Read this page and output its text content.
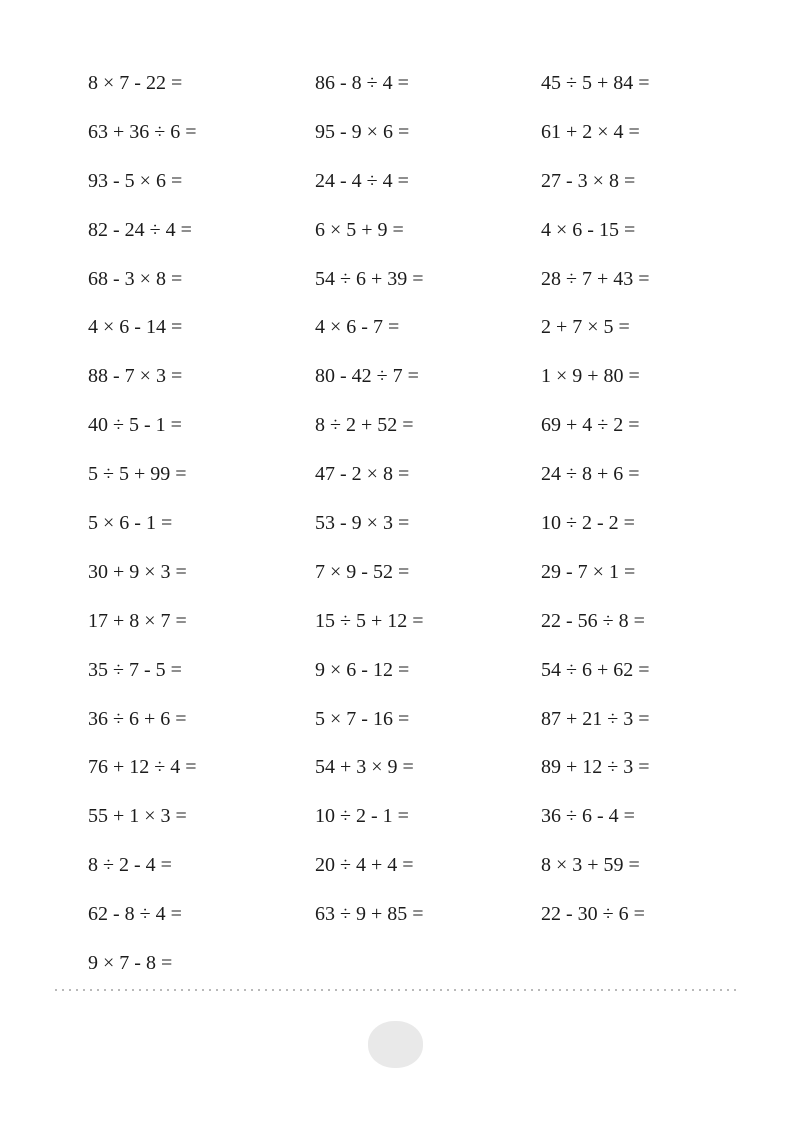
8 × 7 - 22 =
63 + 36 ÷ 6 =
93 - 5 × 6 =
82 - 24 ÷ 4 =
68 - 3 × 8 =
4 × 6 - 14 =
88 - 7 × 3 =
40 ÷ 5 - 1 =
5 ÷ 5 + 99 =
5 × 6 - 1 =
30 + 9 × 3 =
17 + 8 × 7 =
35 ÷ 7 - 5 =
36 ÷ 6 + 6 =
76 + 12 ÷ 4 =
55 + 1 × 3 =
8 ÷ 2 - 4 =
62 - 8 ÷ 4 =
9 × 7 - 8 =
86 - 8 ÷ 4 =
95 - 9 × 6 =
24 - 4 ÷ 4 =
6 × 5 + 9 =
54 ÷ 6 + 39 =
4 × 6 - 7 =
80 - 42 ÷ 7 =
8 ÷ 2 + 52 =
47 - 2 × 8 =
53 - 9 × 3 =
7 × 9 - 52 =
15 ÷ 5 + 12 =
9 × 6 - 12 =
5 × 7 - 16 =
54 + 3 × 9 =
10 ÷ 2 - 1 =
20 ÷ 4 + 4 =
63 ÷ 9 + 85 =
45 ÷ 5 + 84 =
61 + 2 × 4 =
27 - 3 × 8 =
4 × 6 - 15 =
28 ÷ 7 + 43 =
2 + 7 × 5 =
1 × 9 + 80 =
69 + 4 ÷ 2 =
24 ÷ 8 + 6 =
10 ÷ 2 - 2 =
29 - 7 × 1 =
22 - 56 ÷ 8 =
54 ÷ 6 + 62 =
87 + 21 ÷ 3 =
89 + 12 ÷ 3 =
36 ÷ 6 - 4 =
8 × 3 + 59 =
22 - 30 ÷ 6 =
